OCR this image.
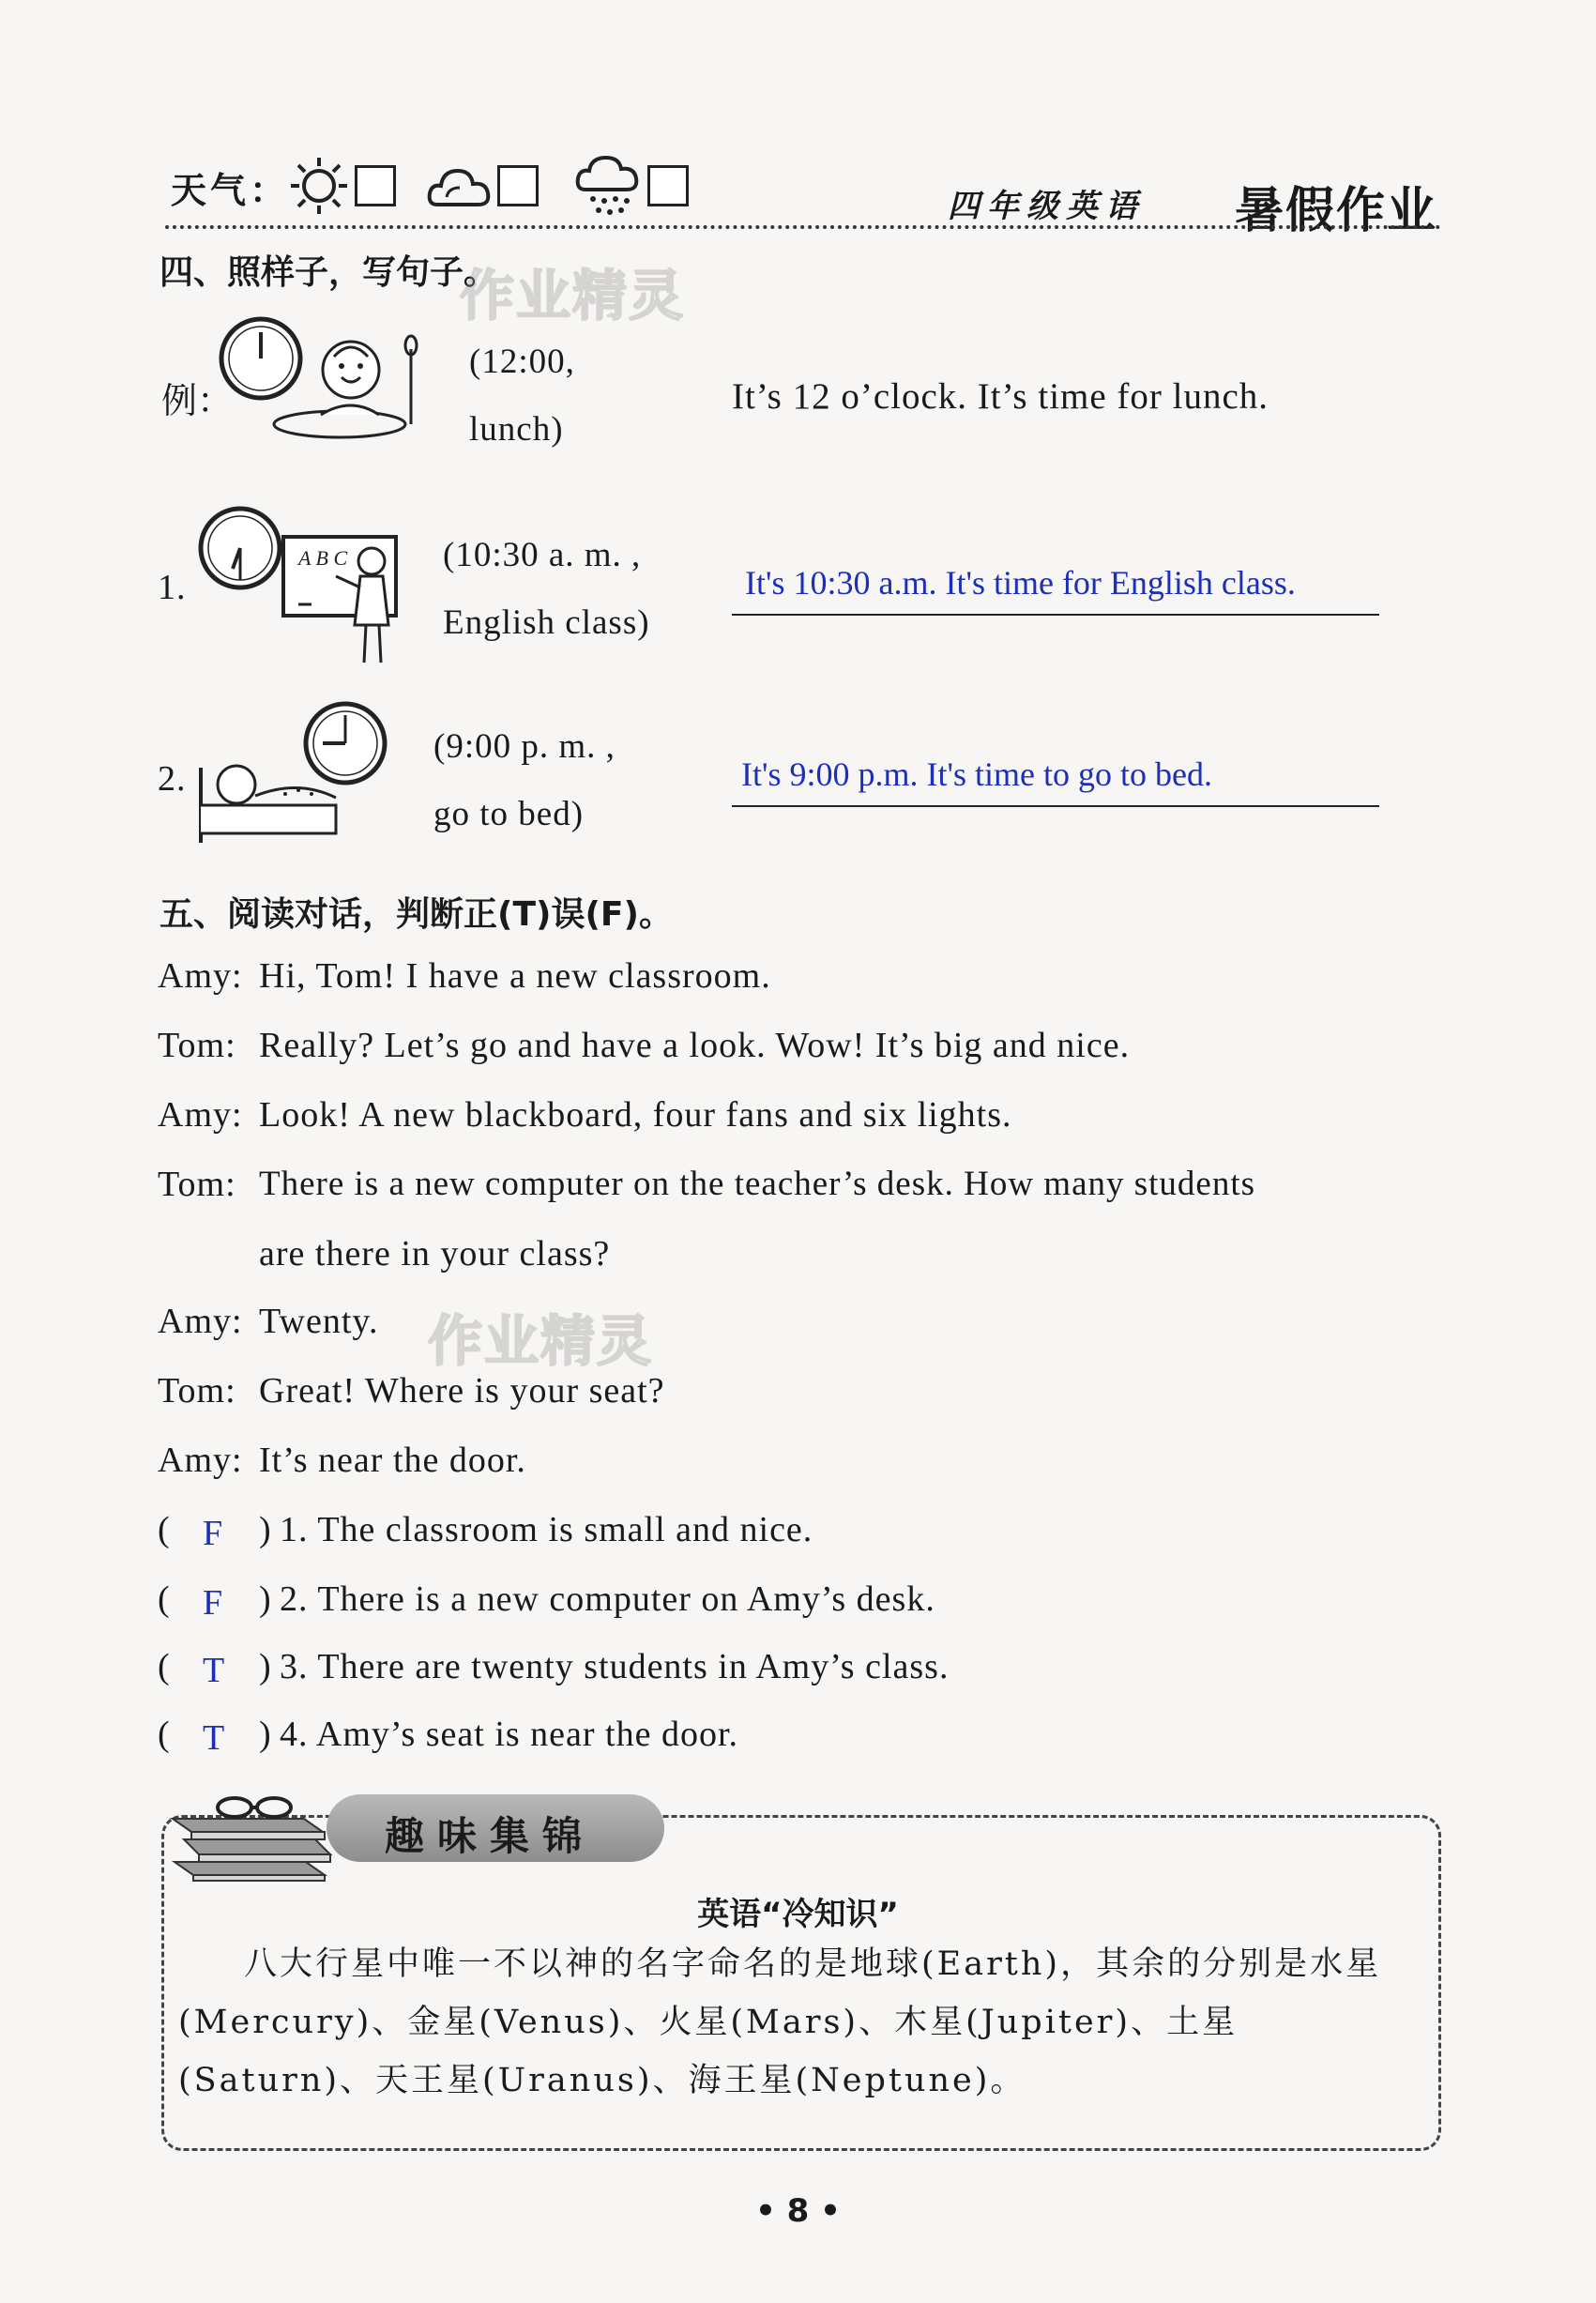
天气：	四年级英语 暑假作业
四、照样子，写句子。
作业精灵
例：
(12:00,
lunch)
It’s 12 o’clock. It’s time for lunch.
1.
A B C	(10:30 a. m. ,
English class)
It's 10:30 a.m. It's time for English class.
2.
(9:00 p. m. ,
go to bed)
It's 9:00 p.m. It's time to go to bed.
五、阅读对话，判断正(T)误(F)。
Amy: Hi, Tom! I have a new classroom.
Tom: Really? Let’s go and have a look. Wow! It’s big and nice.
Amy: Look! A new blackboard, four fans and six lights.
Tom: There is a new computer on the teacher’s desk. How many students
are there in your class?
Amy: Twenty. 作业精灵
Tom: Great! Where is your seat?
Amy: It’s near the door.
( F ) 1. The classroom is small and nice.
( F ) 2. There is a new computer on Amy’s desk.
( T ) 3. There are twenty students in Amy’s class.
( T ) 4. Amy’s seat is near the door.
趣味集锦
英语“冷知识”
八大行星中唯一不以神的名字命名的是地球(Earth)，其余的分别是水星(Mercury)、金星(Venus)、火星(Mars)、木星(Jupiter)、土星(Saturn)、天王星(Uranus)、海王星(Neptune)。
• 8 •
